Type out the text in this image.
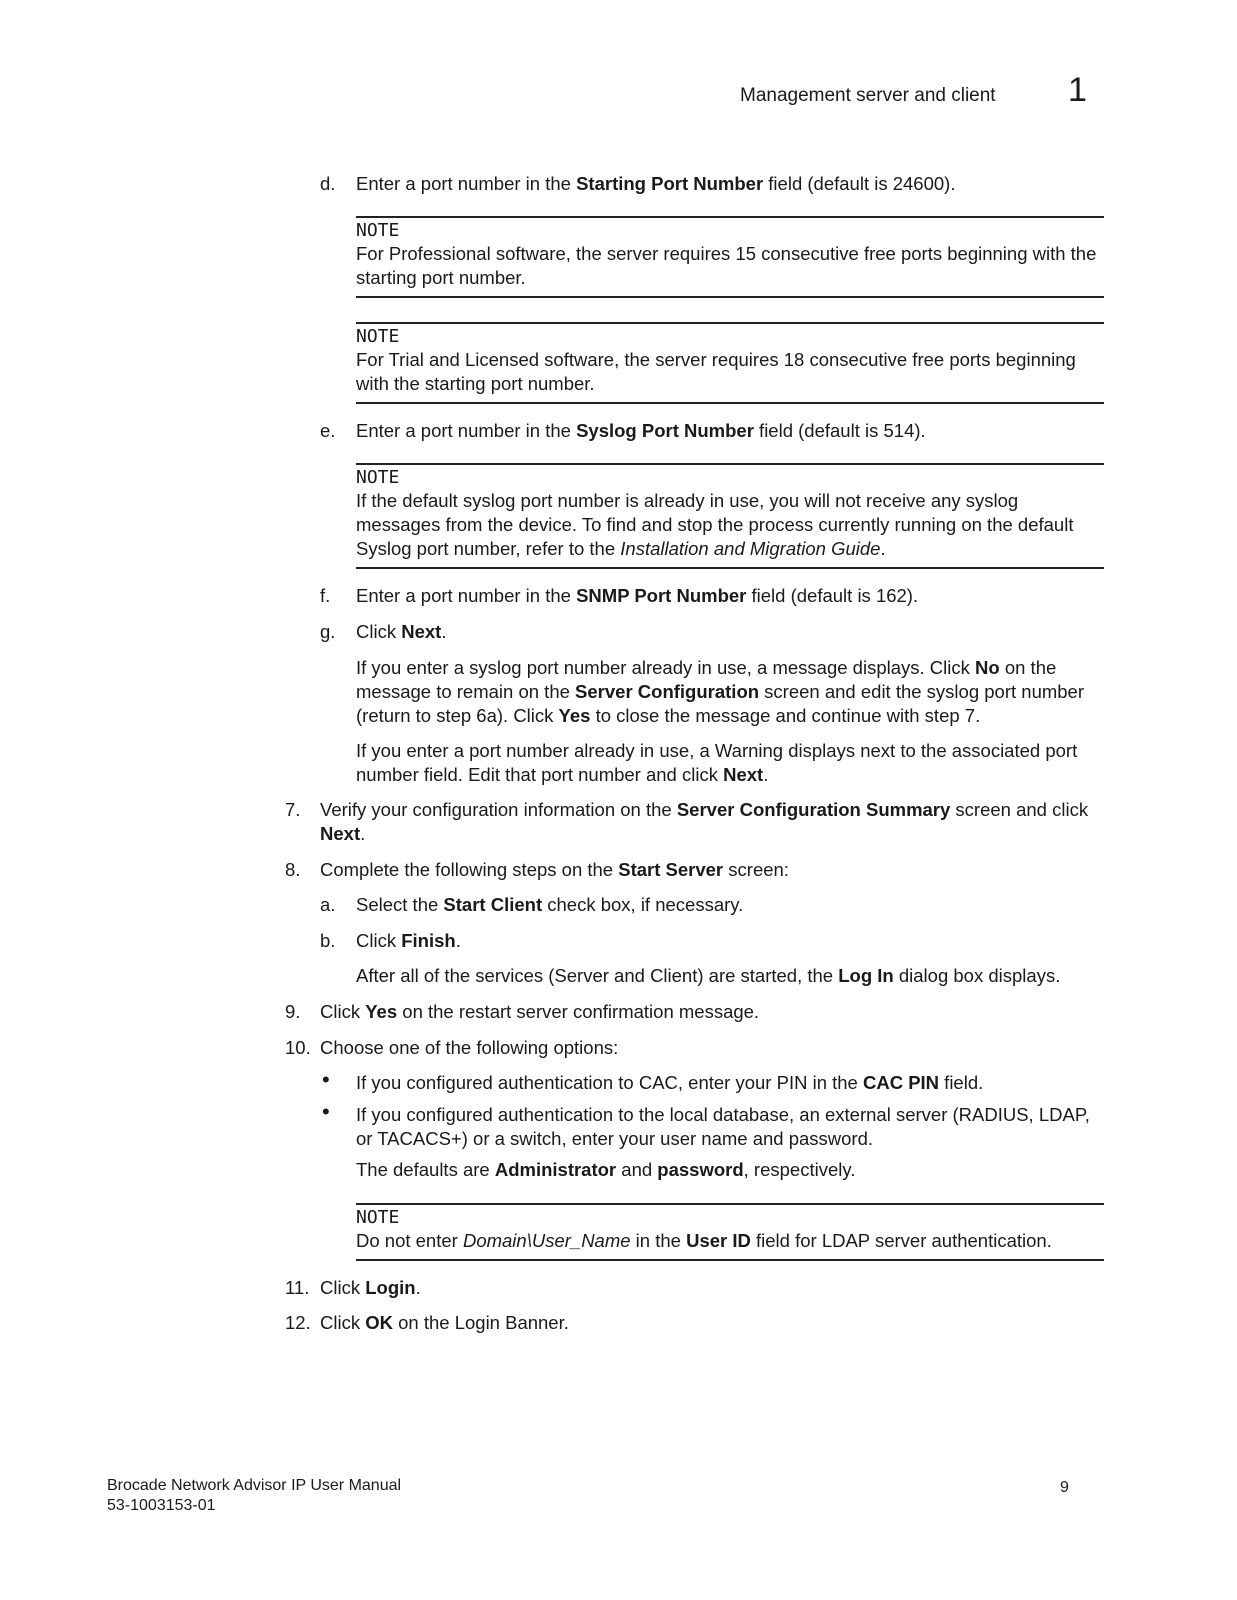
Management server and client	1
d. Enter a port number in the Starting Port Number field (default is 24600).
NOTE
For Professional software, the server requires 15 consecutive free ports beginning with the starting port number.
NOTE
For Trial and Licensed software, the server requires 18 consecutive free ports beginning with the starting port number.
e. Enter a port number in the Syslog Port Number field (default is 514).
NOTE
If the default syslog port number is already in use, you will not receive any syslog messages from the device. To find and stop the process currently running on the default Syslog port number, refer to the Installation and Migration Guide.
f. Enter a port number in the SNMP Port Number field (default is 162).
g. Click Next.
If you enter a syslog port number already in use, a message displays. Click No on the message to remain on the Server Configuration screen and edit the syslog port number (return to step 6a). Click Yes to close the message and continue with step 7.
If you enter a port number already in use, a Warning displays next to the associated port number field. Edit that port number and click Next.
7. Verify your configuration information on the Server Configuration Summary screen and click Next.
8. Complete the following steps on the Start Server screen:
a. Select the Start Client check box, if necessary.
b. Click Finish.
After all of the services (Server and Client) are started, the Log In dialog box displays.
9. Click Yes on the restart server confirmation message.
10. Choose one of the following options:
• If you configured authentication to CAC, enter your PIN in the CAC PIN field.
• If you configured authentication to the local database, an external server (RADIUS, LDAP, or TACACS+) or a switch, enter your user name and password.
The defaults are Administrator and password, respectively.
NOTE
Do not enter Domain\User_Name in the User ID field for LDAP server authentication.
11. Click Login.
12. Click OK on the Login Banner.
Brocade Network Advisor IP User Manual
53-1003153-01
9
